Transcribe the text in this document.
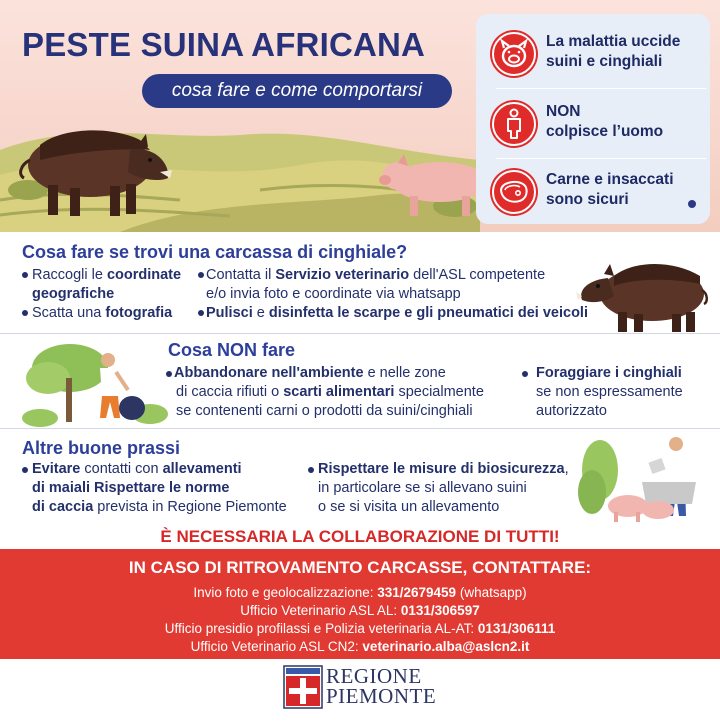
PESTE SUINA AFRICANA
cosa fare e come comportarsi
La malattia uccide
suini e cinghiali
NON
colpisce l’uomo
Carne e insaccati
sono sicuri
Cosa fare se trovi una carcassa di cinghiale?
Raccogli le coordinate
geografiche
Contatta il Servizio veterinario dell'ASL competente
e/o invia foto e coordinate via whatsapp
Scatta una fotografia Pulisci e disinfetta le scarpe e gli pneumatici dei veicoli
Cosa NON fare
Abbandonare nell'ambiente e nelle zone
di caccia rifiuti o scarti alimentari specialmente
se contenenti carni o prodotti da suini/cinghiali
Foraggiare i cinghiali
se non espressamente
autorizzato
Altre buone prassi
Evitare contatti con allevamenti
di maiali Rispettare le norme
di caccia prevista in Regione Piemonte
Rispettare le misure di biosicurezza,
in particolare se si allevano suini
o se si visita un allevamento
È NECESSARIA LA COLLABORAZIONE DI TUTTI!
IN CASO DI RITROVAMENTO CARCASSE, CONTATTARE:
Invio foto e geolocalizzazione: 331/2679459 (whatsapp)
Ufficio Veterinario ASL AL: 0131/306597
Ufficio presidio profilassi e Polizia veterinaria AL-AT: 0131/306111
Ufficio Veterinario ASL CN2: veterinario.alba@aslcn2.it
REGIONE
PIEMONTE
